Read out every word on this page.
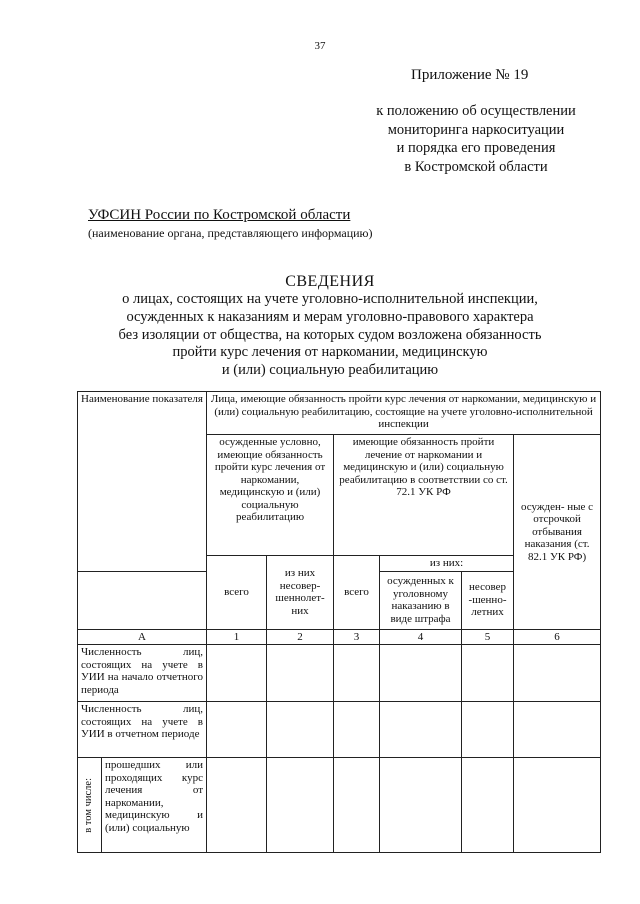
37
Приложение № 19
к положению об осуществлении
мониторинга наркоситуации
и порядка его проведения
в Костромской области
УФСИН России по Костромской области
(наименование органа, представляющего информацию)
СВЕДЕНИЯ
о лицах, состоящих на учете уголовно-исполнительной инспекции,
осужденных к наказаниям и мерам уголовно-правового характера
без изоляции от общества, на которых судом возложена обязанность
пройти курс лечения от наркомании, медицинскую
и (или) социальную реабилитацию
Наименование показателя		Лица, имеющие обязанность пройти курс лечения от наркомании, медицинскую и (или) социальную реабилитацию, состоящие на учете уголовно-исполнительной инспекции					
		осужденные условно, имеющие обязанность пройти курс лечения от наркомании, медицинскую и (или) социальную реабилитацию		имеющие обязанность пройти лечение от наркомании и медицинскую и (или) социальную реабилитацию в соответствии со ст. 72.1 УК РФ			осужден- ные с отсрочкой отбывания наказания (ст. 82.1 УК РФ)
		всего	из них несовер- шеннолет- них	всего	из них:		
					осужденных к уголовному наказанию в виде штрафа	несовер -шенно- летних	
А		1	2	3	4	5	6
Численность лиц, состоящих на учете в УИИ на начало отчетного периода							
Численность лиц, состоящих на учете в УИИ в отчетном периоде							

в том числе:	прошедших или проходящих курс лечения от наркомании, медицинскую и (или) социальную						
